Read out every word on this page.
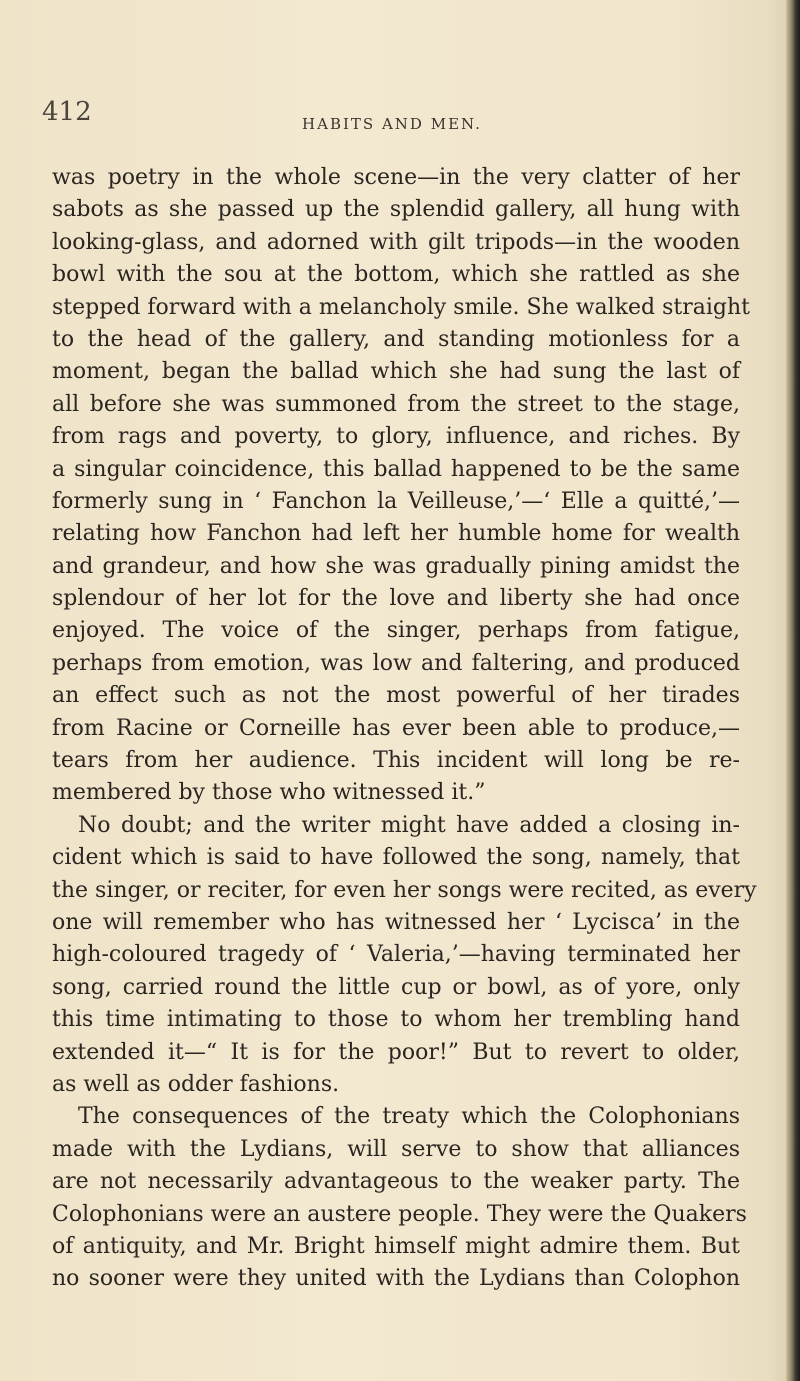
412	HABITS AND MEN.
was poetry in the whole scene—in the very clatter of her
sabots as she passed up the splendid gallery, all hung with
looking-glass, and adorned with gilt tripods—in the wooden
bowl with the sou at the bottom, which she rattled as she
stepped forward with a melancholy smile. She walked straight
to the head of the gallery, and standing motionless for a
moment, began the ballad which she had sung the last of
all before she was summoned from the street to the stage,
from rags and poverty, to glory, influence, and riches. By
a singular coincidence, this ballad happened to be the same
formerly sung in ‘ Fanchon la Veilleuse,’—‘ Elle a quitté,’—
relating how Fanchon had left her humble home for wealth
and grandeur, and how she was gradually pining amidst the
splendour of her lot for the love and liberty she had once
enjoyed. The voice of the singer, perhaps from fatigue,
perhaps from emotion, was low and faltering, and produced
an effect such as not the most powerful of her tirades
from Racine or Corneille has ever been able to produce,—
tears from her audience. This incident will long be re-
membered by those who witnessed it.”
No doubt; and the writer might have added a closing in-
cident which is said to have followed the song, namely, that
the singer, or reciter, for even her songs were recited, as every
one will remember who has witnessed her ‘ Lycisca’ in the
high-coloured tragedy of ‘ Valeria,’—having terminated her
song, carried round the little cup or bowl, as of yore, only
this time intimating to those to whom her trembling hand
extended it—“ It is for the poor!” But to revert to older,
as well as odder fashions.
The consequences of the treaty which the Colophonians
made with the Lydians, will serve to show that alliances
are not necessarily advantageous to the weaker party. The
Colophonians were an austere people. They were the Quakers
of antiquity, and Mr. Bright himself might admire them. But
no sooner were they united with the Lydians than Colophon
